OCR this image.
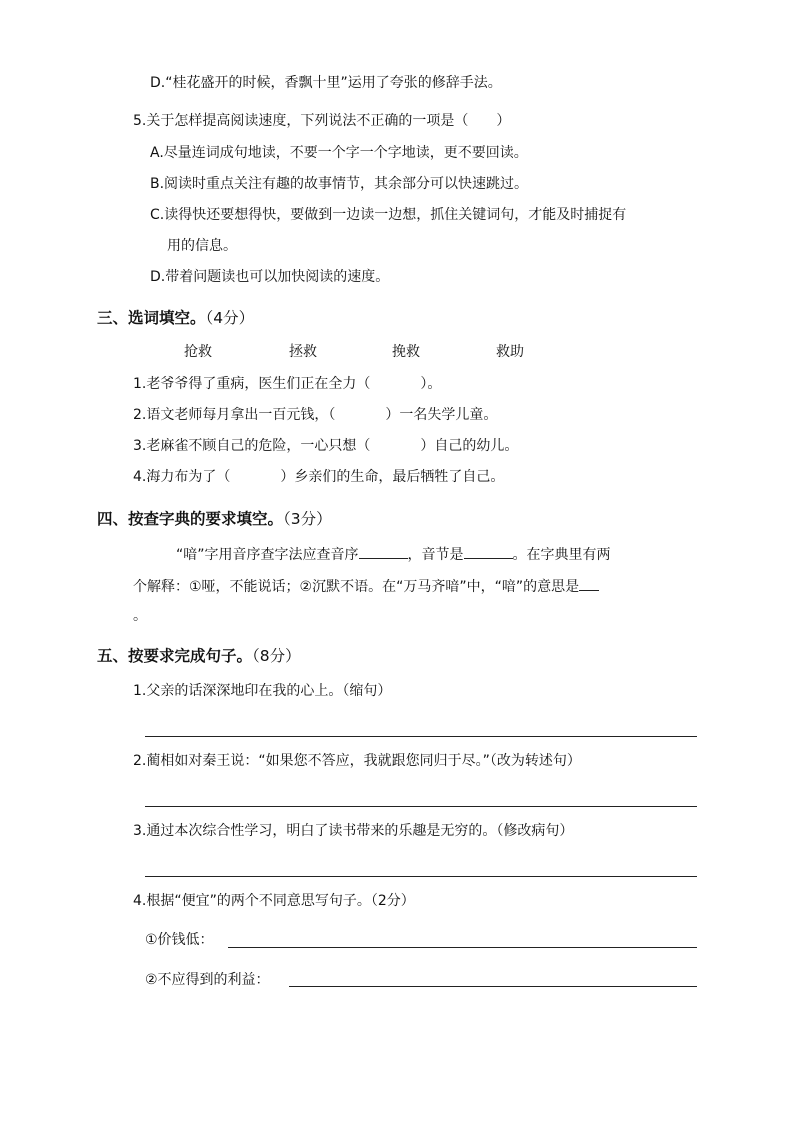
D.“桂花盛开的时候，香飘十里”运用了夸张的修辞手法。
5.关于怎样提高阅读速度，下列说法不正确的一项是（　　）
A.尽量连词成句地读，不要一个字一个字地读，更不要回读。
B.阅读时重点关注有趣的故事情节，其余部分可以快速跳过。
C.读得快还要想得快，要做到一边读一边想，抓住关键词句，才能及时捕捉有
用的信息。
D.带着问题读也可以加快阅读的速度。
三、选词填空。（4分）
抢救	拯救	挽救	救助
1.老爷爷得了重病，医生们正在全力（	）。
2.语文老师每月拿出一百元钱，（	）一名失学儿童。
3.老麻雀不顾自己的危险，一心只想（	）自己的幼儿。
4.海力布为了（	）乡亲们的生命，最后牺牲了自己。
四、按查字典的要求填空。（3分）
“喑”字用音序查字法应查音序	，音节是	。在字典里有两
个解释：①哑，不能说话；②沉默不语。在“万马齐喑”中，“喑”的意思是
。
五、按要求完成句子。（8分）
1.父亲的话深深地印在我的心上。（缩句）
2.蔺相如对秦王说：“如果您不答应，我就跟您同归于尽。”（改为转述句）
3.通过本次综合性学习，明白了读书带来的乐趣是无穷的。（修改病句）
4.根据“便宜”的两个不同意思写句子。（2分）
①价钱低：
②不应得到的利益：
